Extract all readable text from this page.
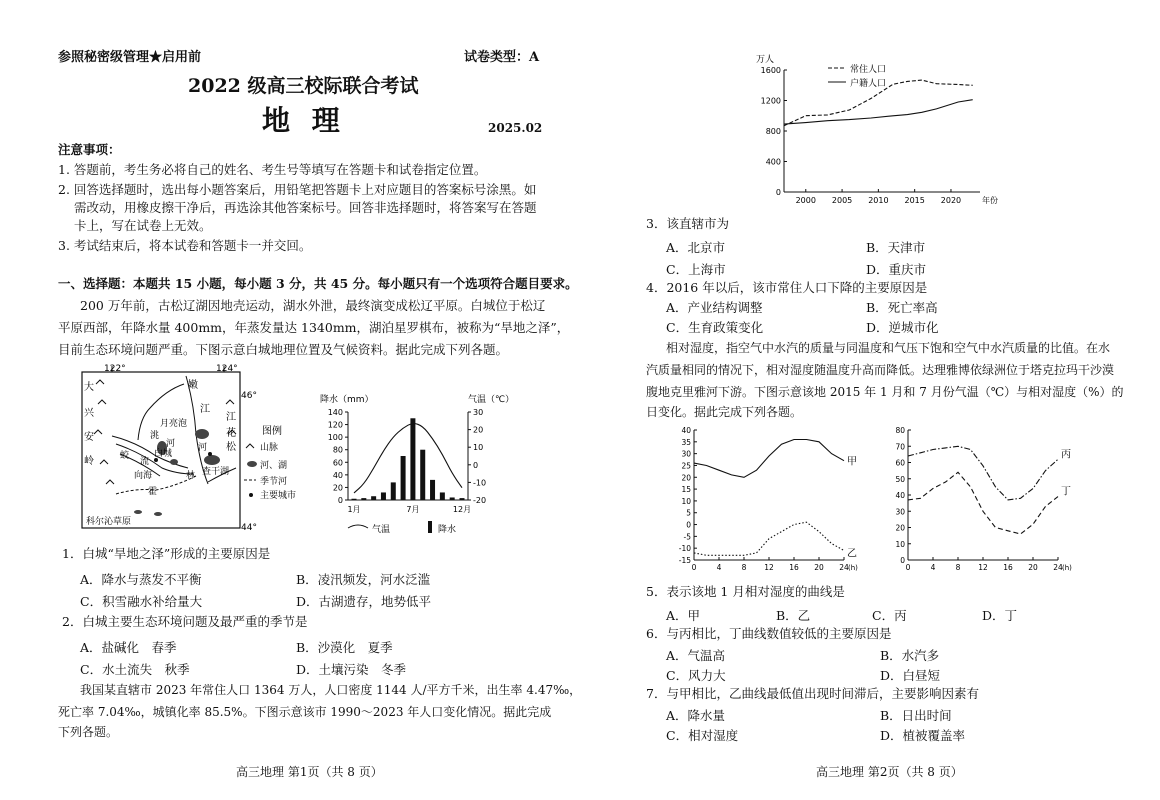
参照秘密级管理★启用前	试卷类型：A
2022 级高三校际联合考试
地 理	2025.02
注意事项：
1. 答题前，考生务必将自己的姓名、考生号等填写在答题卡和试卷指定位置。
2. 回答选择题时，选出每小题答案后，用铅笔把答题卡上对应题目的答案标号涂黑。如
需改动，用橡皮擦干净后，再选涂其他答案标号。回答非选择题时，将答案写在答题
卡上，写在试卷上无效。
3. 考试结束后，将本试卷和答题卡一并交回。
一、选择题：本题共 15 小题，每小题 3 分，共 45 分。每小题只有一个选项符合题目要求。
200 万年前，古松辽湖因地壳运动，湖水外泄，最终演变成松辽平原。白城位于松辽
平原西部，年降水量 400mm，年蒸发量达 1340mm，湖泊星罗棋布，被称为“旱地之泽”，
目前生态环境问题严重。下图示意白城地理位置及气候资料。据此完成下列各题。
122°	124°
46°
44°
大
兴
安
岭
嫩
江
江
花
松
月亮泡
洮
河
蛟
流
白城
向海
霍
林
河
查干湖
科尔沁草原
图例
山脉
河、湖
季节河
主要城市
降水（mm）	气温（℃）
0
20
40
60
80
100
120
140	30
20
10
0
-10
-20
1月	7月	12月
气温	降水
1．白城“旱地之泽”形成的主要原因是
A．降水与蒸发不平衡	B．凌汛频发，河水泛滥
C．积雪融水补给量大	D．古湖遗存，地势低平
2．白城主要生态环境问题及最严重的季节是
A．盐碱化　春季	B．沙漠化　夏季
C．水土流失　秋季	D．土壤污染　冬季
我国某直辖市 2023 年常住人口 1364 万人，人口密度 1144 人/平方千米，出生率 4.47‰，
死亡率 7.04‰，城镇化率 85.5%。下图示意该市 1990～2023 年人口变化情况。据此完成
下列各题。
高三地理 第1页（共 8 页）
万人
1600
1200
800
400
0
2000 2005 2010 2015 2020	年份
常住人口
户籍人口
3．该直辖市为
A．北京市	B．天津市
C．上海市	D．重庆市
4．2016 年以后，该市常住人口下降的主要原因是
A．产业结构调整	B．死亡率高
C．生育政策变化	D．逆城市化
相对湿度，指空气中水汽的质量与同温度和气压下饱和空气中水汽质量的比值。在水
汽质量相同的情况下，相对湿度随温度升高而降低。达理雅博依绿洲位于塔克拉玛干沙漠
腹地克里雅河下游。下图示意该地 2015 年 1 月和 7 月份气温（℃）与相对湿度（%）的
日变化。据此完成下列各题。
40
35
30
25
20
15
10
5
0
-5
-10
-15
0	4	8 12 16 20 24 (h)
甲
乙
80
70
60
50
40
30
20
10
0
0	4	8 12 16 20 24 (h)
丙
丁
5．表示该地 1 月相对湿度的曲线是
A．甲	B．乙	C．丙	D．丁
6．与丙相比，丁曲线数值较低的主要原因是
A．气温高	B．水汽多
C．风力大	D．白昼短
7．与甲相比，乙曲线最低值出现时间滞后，主要影响因素有
A．降水量	B．日出时间
C．相对湿度	D．植被覆盖率
高三地理 第2页（共 8 页）
